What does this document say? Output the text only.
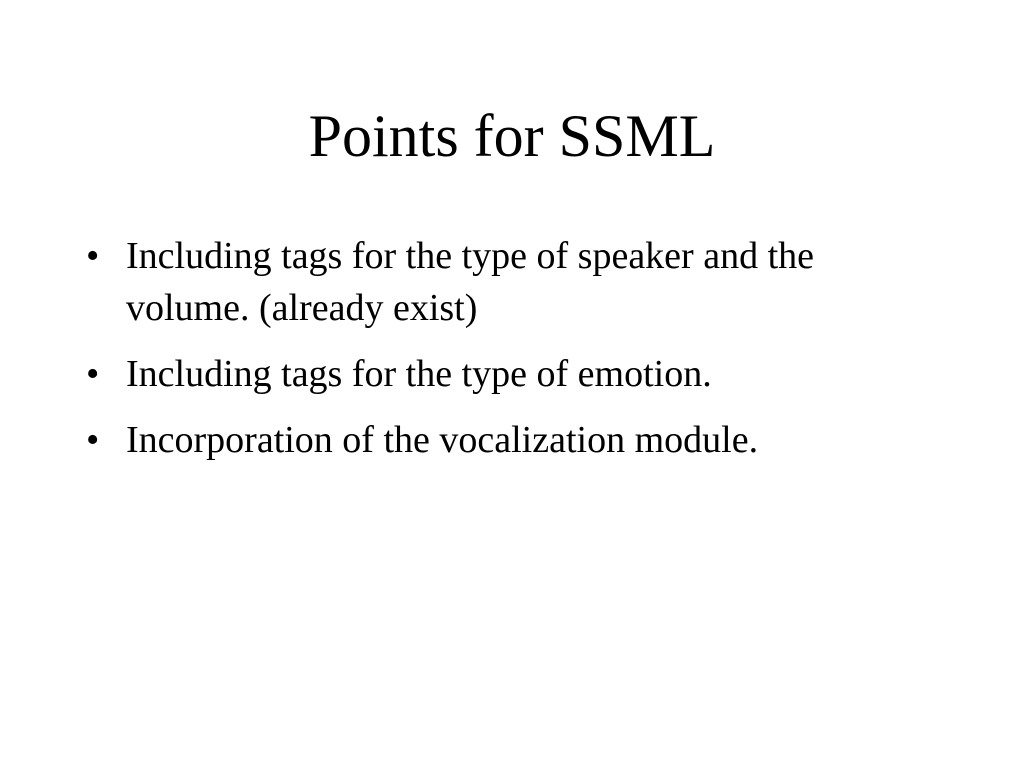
Points for SSML
• Including tags for the type of speaker and the volume. (already exist)
• Including tags for the type of emotion.
• Incorporation of the vocalization module.
